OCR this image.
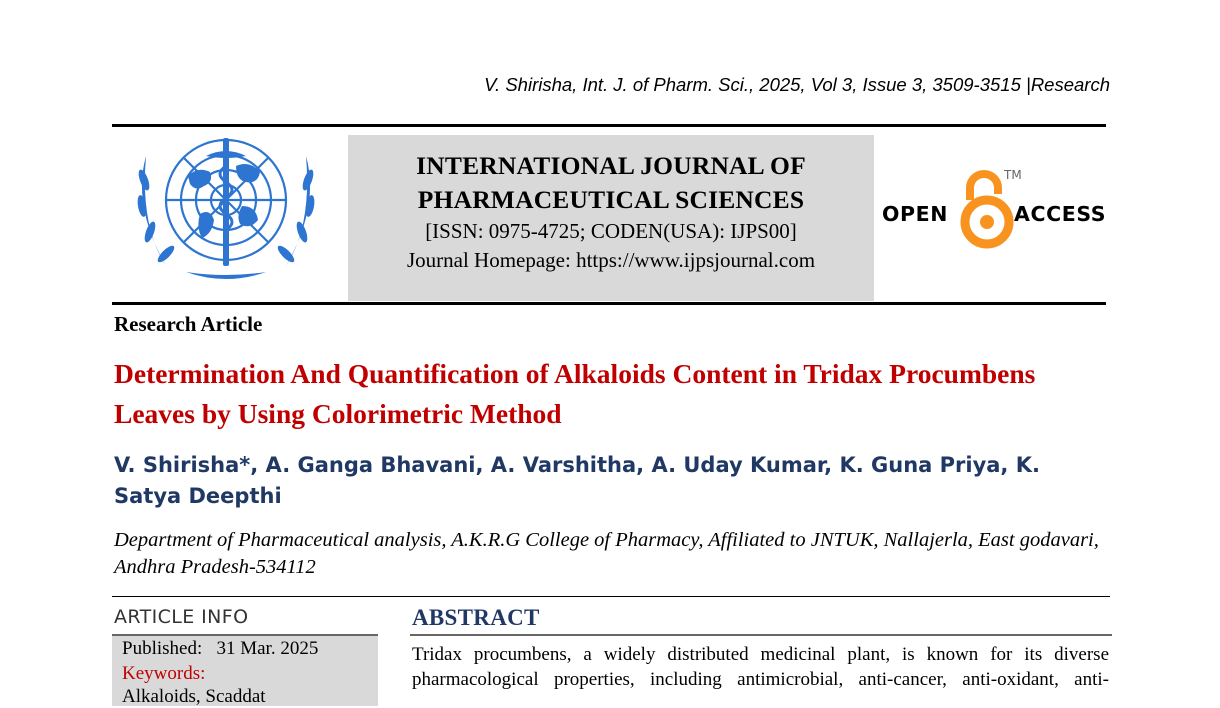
V. Shirisha, Int. J. of Pharm. Sci., 2025, Vol 3, Issue 3, 3509-3515 |Research
INTERNATIONAL JOURNAL OF
PHARMACEUTICAL SCIENCES
[ISSN: 0975-4725; CODEN(USA): IJPS00]
Journal Homepage: https://www.ijpsjournal.com
OPEN
TM
ACCESS
Research Article
Determination And Quantification of Alkaloids Content in Tridax Procumbens Leaves by Using Colorimetric Method
V. Shirisha*, A. Ganga Bhavani, A. Varshitha, A. Uday Kumar, K. Guna Priya, K. Satya Deepthi
Department of Pharmaceutical analysis, A.K.R.G College of Pharmacy, Affiliated to JNTUK, Nallajerla, East godavari, Andhra Pradesh-534112
ARTICLE INFO
Published:   31 Mar. 2025
Keywords:
Alkaloids, Scaddat
ABSTRACT
Tridax procumbens, a widely distributed medicinal plant, is known for its diverse pharmacological properties, including antimicrobial, anti-cancer, anti-oxidant, anti-
